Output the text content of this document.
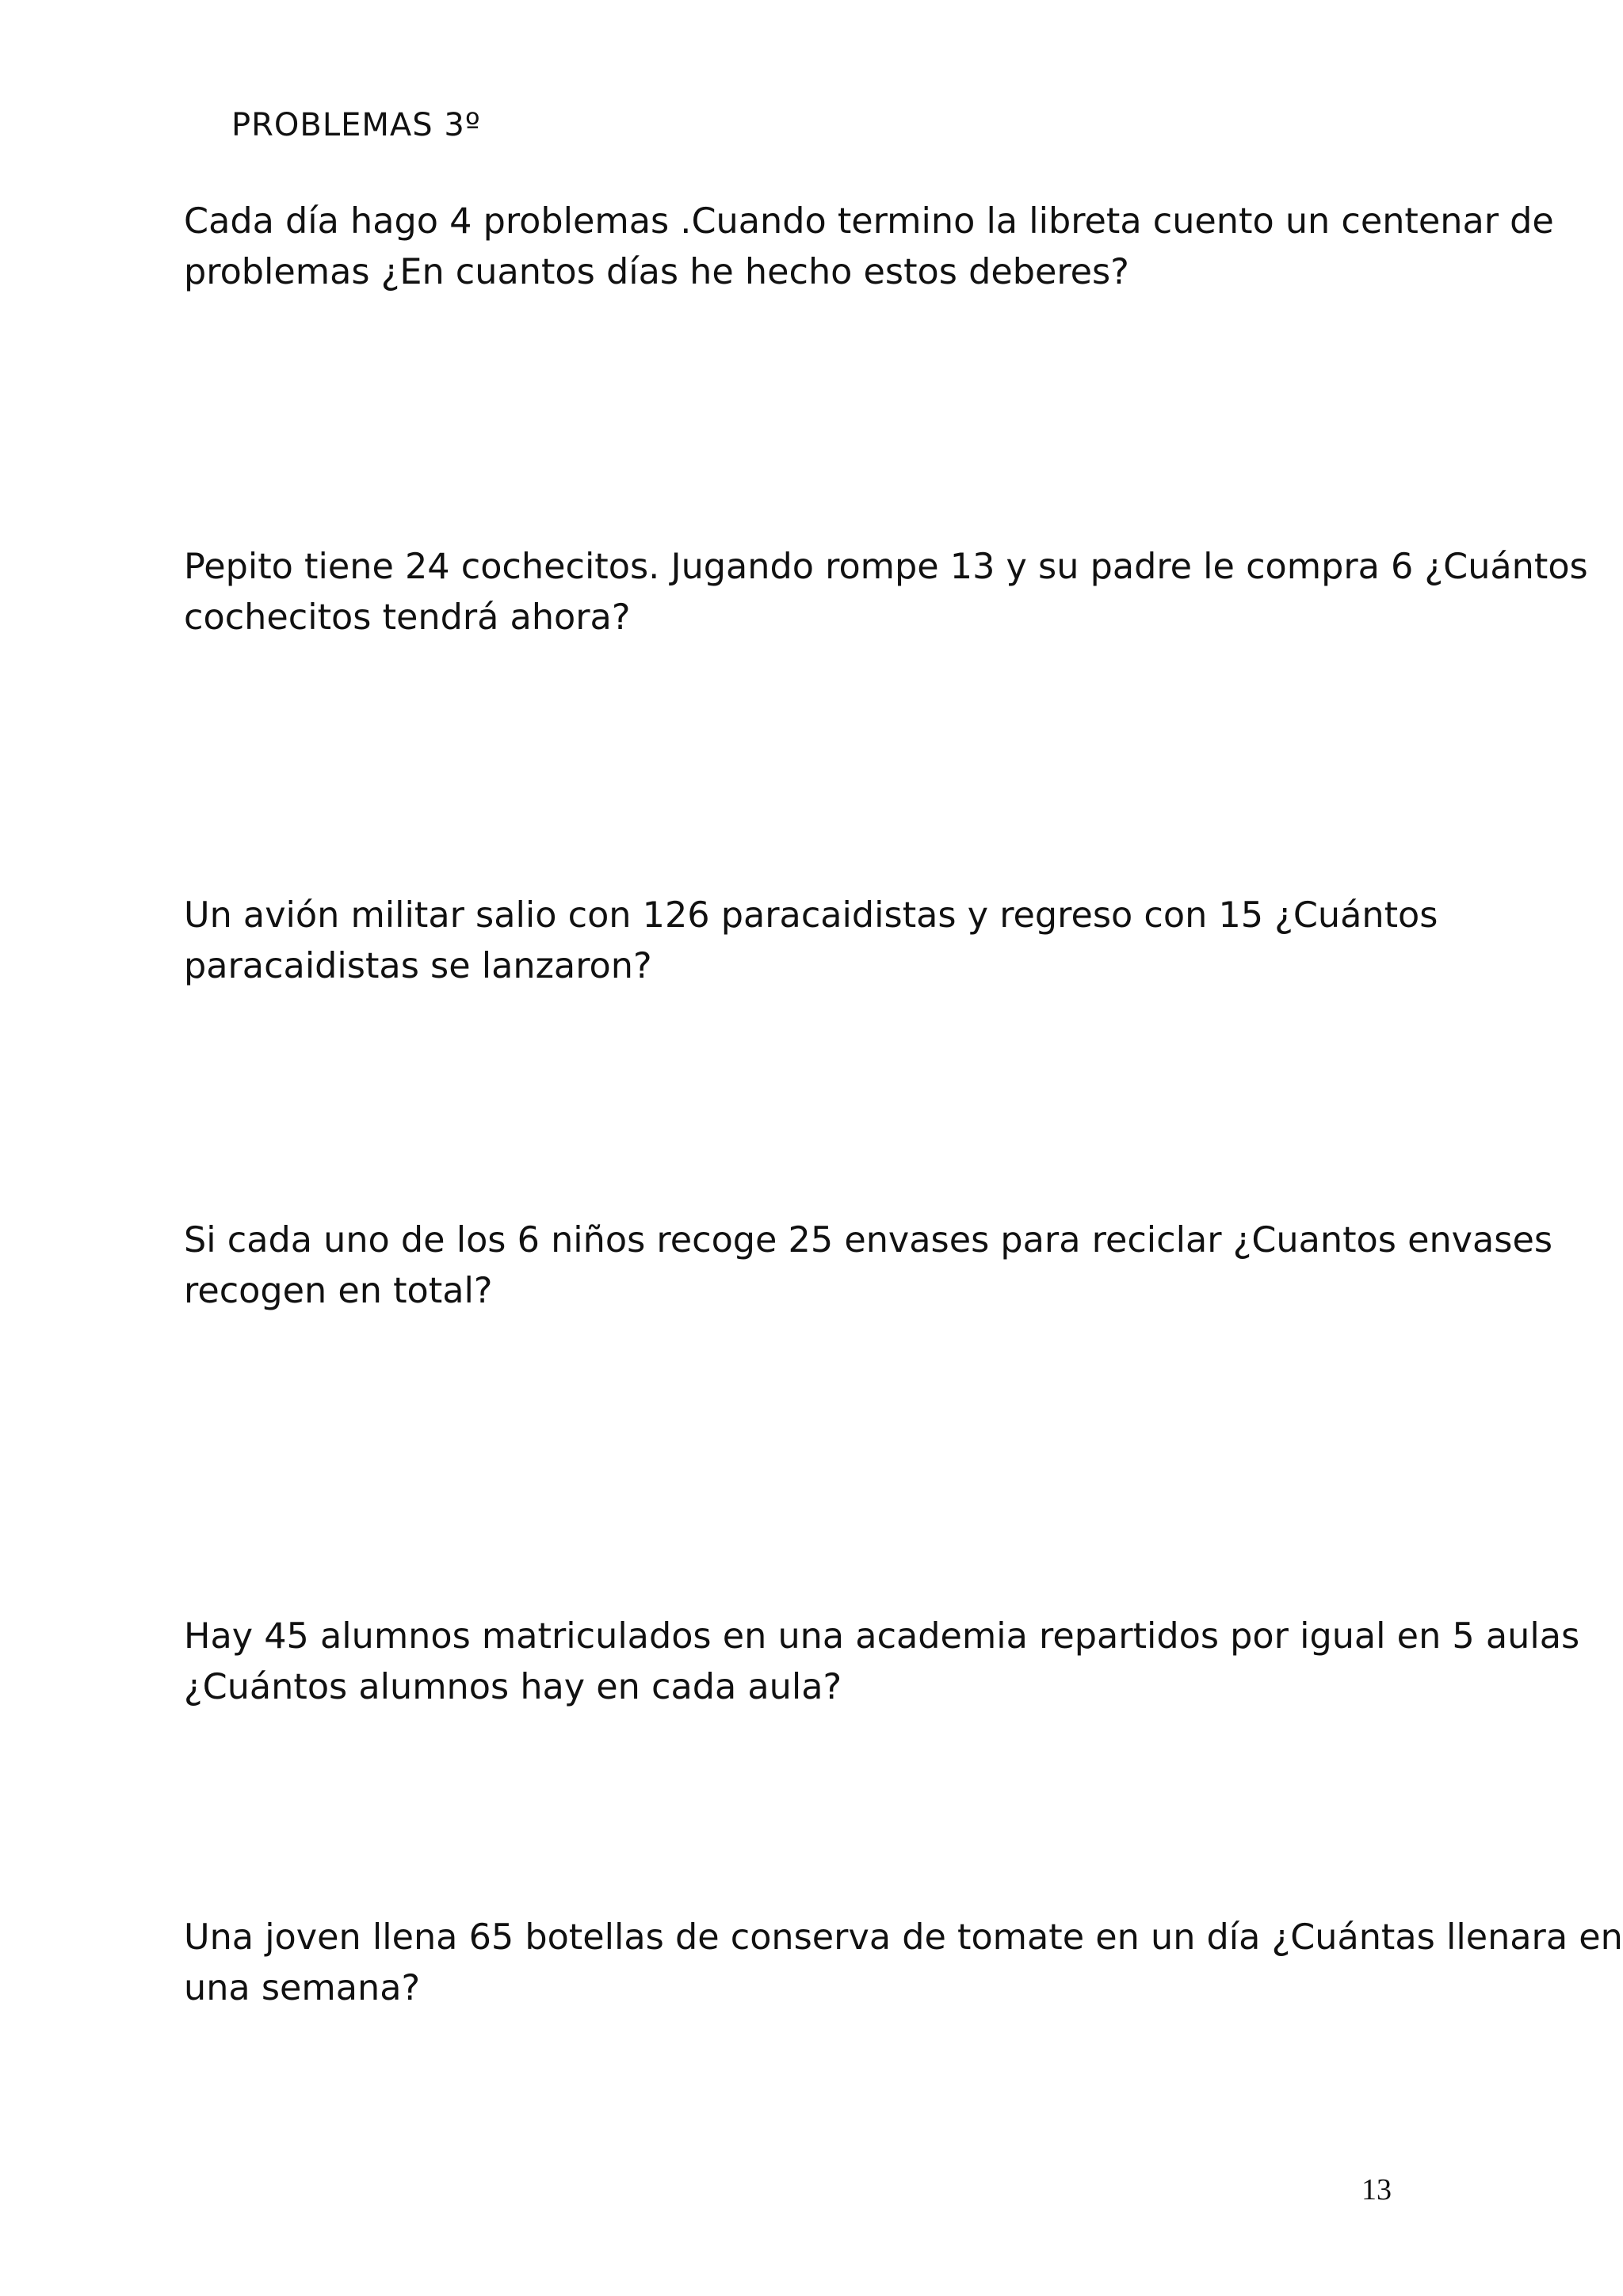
PROBLEMAS 3º

Cada día hago 4 problemas .Cuando termino la libreta cuento un centenar de
problemas ¿En cuantos días he hecho estos deberes?

Pepito tiene 24 cochecitos. Jugando rompe 13 y su padre le compra 6 ¿Cuántos
cochecitos tendrá ahora?

Un avión militar salio con 126 paracaidistas y regreso con 15 ¿Cuántos
paracaidistas se lanzaron?

Si cada uno de los 6 niños recoge 25 envases para reciclar ¿Cuantos envases
recogen en total?

Hay 45 alumnos matriculados en una academia repartidos por igual en 5 aulas
¿Cuántos alumnos hay en cada aula?

Una joven llena 65 botellas de conserva de tomate en un día ¿Cuántas llenara en
una semana?

13
